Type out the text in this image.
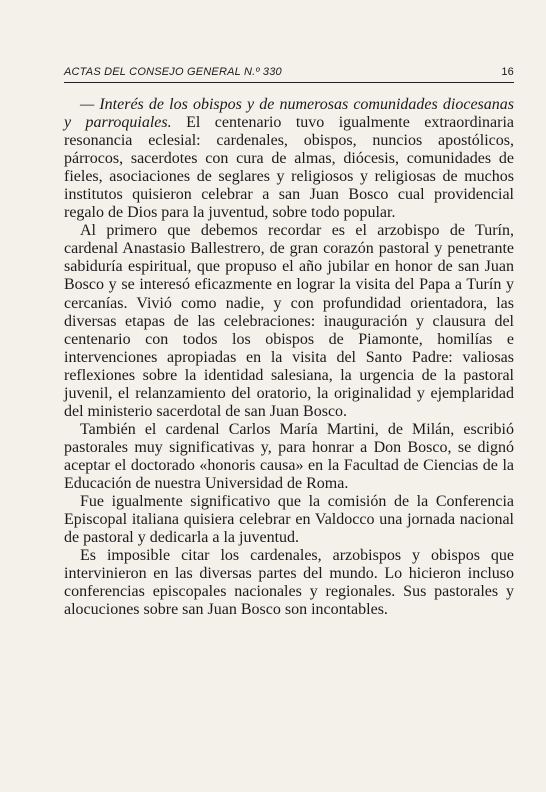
ACTAS DEL CONSEJO GENERAL N.º 330	16

— Interés de los obispos y de numerosas comunidades diocesanas y parroquiales. El centenario tuvo igualmente extraordinaria resonancia eclesial: cardenales, obispos, nuncios apostólicos, párrocos, sacerdotes con cura de almas, diócesis, comunidades de fieles, asociaciones de seglares y religiosos y religiosas de muchos institutos quisieron celebrar a san Juan Bosco cual providencial regalo de Dios para la juventud, sobre todo popular.

Al primero que debemos recordar es el arzobispo de Turín, cardenal Anastasio Ballestrero, de gran corazón pastoral y penetrante sabiduría espiritual, que propuso el año jubilar en honor de san Juan Bosco y se interesó eficazmente en lograr la visita del Papa a Turín y cercanías. Vivió como nadie, y con profundidad orientadora, las diversas etapas de las celebraciones: inauguración y clausura del centenario con todos los obispos de Piamonte, homilías e intervenciones apropiadas en la visita del Santo Padre: valiosas reflexiones sobre la identidad salesiana, la urgencia de la pastoral juvenil, el relanzamiento del oratorio, la originalidad y ejemplaridad del ministerio sacerdotal de san Juan Bosco.

También el cardenal Carlos María Martini, de Milán, escribió pastorales muy significativas y, para honrar a Don Bosco, se dignó aceptar el doctorado «honoris causa» en la Facultad de Ciencias de la Educación de nuestra Universidad de Roma.

Fue igualmente significativo que la comisión de la Conferencia Episcopal italiana quisiera celebrar en Valdocco una jornada nacional de pastoral y dedicarla a la juventud.

Es imposible citar los cardenales, arzobispos y obispos que intervinieron en las diversas partes del mundo. Lo hicieron incluso conferencias episcopales nacionales y regionales. Sus pastorales y alocuciones sobre san Juan Bosco son incontables.
